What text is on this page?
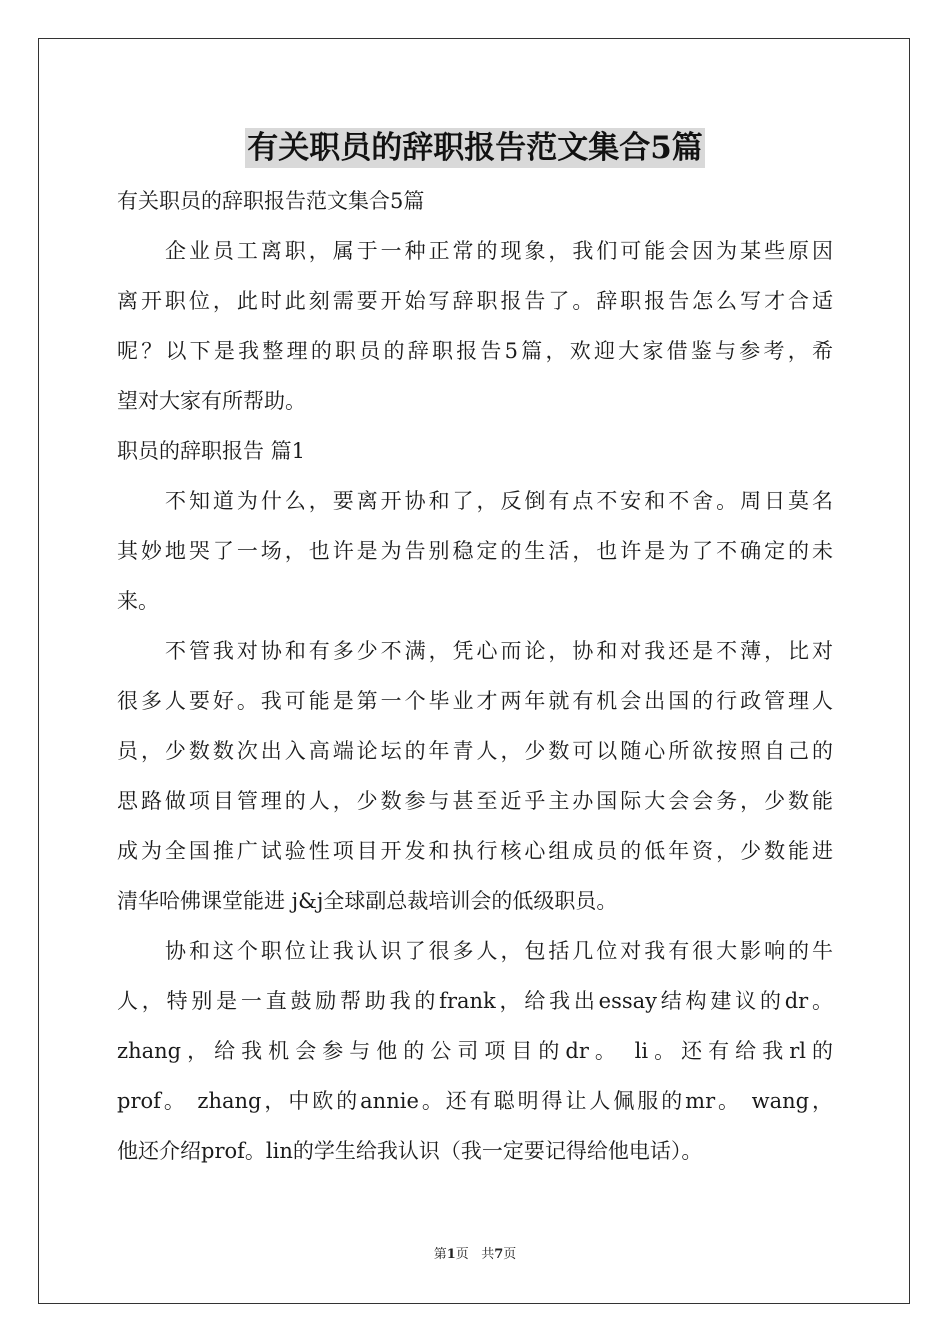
有关职员的辞职报告范文集合5篇
有关职员的辞职报告范文集合5篇
企业员工离职，属于一种正常的现象，我们可能会因为某些原因
离开职位，此时此刻需要开始写辞职报告了。辞职报告怎么写才合适
呢？以下是我整理的职员的辞职报告5篇，欢迎大家借鉴与参考，希
望对大家有所帮助。
职员的辞职报告 篇1
不知道为什么，要离开协和了，反倒有点不安和不舍。周日莫名
其妙地哭了一场，也许是为告别稳定的生活，也许是为了不确定的未
来。
不管我对协和有多少不满，凭心而论，协和对我还是不薄，比对
很多人要好。我可能是第一个毕业才两年就有机会出国的行政管理人
员，少数数次出入高端论坛的年青人，少数可以随心所欲按照自己的
思路做项目管理的人，少数参与甚至近乎主办国际大会会务，少数能
成为全国推广试验性项目开发和执行核心组成员的低年资，少数能进
清华哈佛课堂能进 j&j全球副总裁培训会的低级职员。
协和这个职位让我认识了很多人，包括几位对我有很大影响的牛
人，特别是一直鼓励帮助我的frank，给我出essay结构建议的dr。
zhang，给我机会参与他的公司项目的dr。 li。还有给我rl的
prof。 zhang，中欧的annie。还有聪明得让人佩服的mr。 wang，
他还介绍prof。lin的学生给我认识（我一定要记得给他电话）。
第1页 共7页
